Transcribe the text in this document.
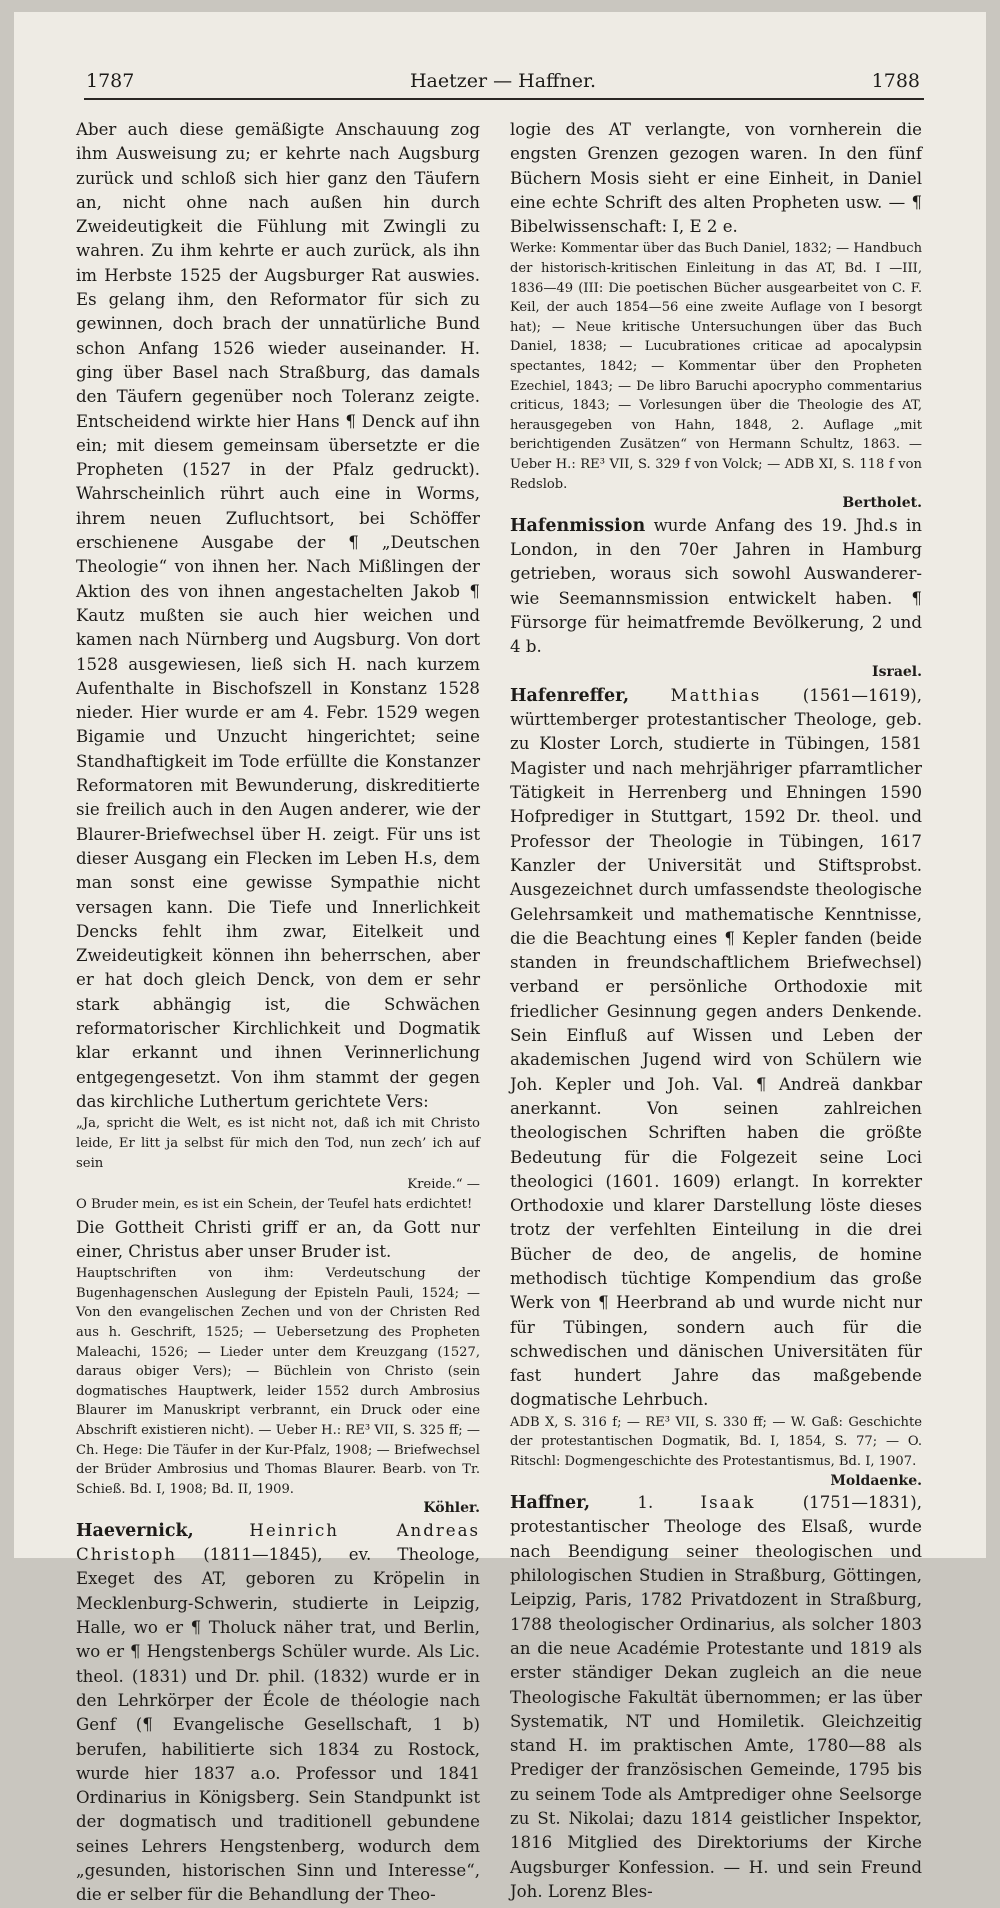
1787	Haetzer — Haffner.	1788

Aber auch diese gemäßigte Anschauung zog ihm Ausweisung zu; er kehrte nach Augsburg zurück und schloß sich hier ganz den Täufern an, nicht ohne nach außen hin durch Zweideutigkeit die Fühlung mit Zwingli zu wahren. Zu ihm kehrte er auch zurück, als ihn im Herbste 1525 der Augsburger Rat auswies. Es gelang ihm, den Reformator für sich zu gewinnen, doch brach der unnatürliche Bund schon Anfang 1526 wieder auseinander. H. ging über Basel nach Straßburg, das damals den Täufern gegenüber noch Toleranz zeigte. Entscheidend wirkte hier Hans ¶ Denck auf ihn ein; mit diesem gemeinsam übersetzte er die Propheten (1527 in der Pfalz gedruckt). Wahrscheinlich rührt auch eine in Worms, ihrem neuen Zufluchtsort, bei Schöffer erschienene Ausgabe der ¶ „Deutschen Theologie“ von ihnen her. Nach Mißlingen der Aktion des von ihnen angestachelten Jakob ¶ Kautz mußten sie auch hier weichen und kamen nach Nürnberg und Augsburg. Von dort 1528 ausgewiesen, ließ sich H. nach kurzem Aufenthalte in Bischofszell in Konstanz 1528 nieder. Hier wurde er am 4. Febr. 1529 wegen Bigamie und Unzucht hingerichtet; seine Standhaftigkeit im Tode erfüllte die Konstanzer Reformatoren mit Bewunderung, diskreditierte sie freilich auch in den Augen anderer, wie der Blaurer-Briefwechsel über H. zeigt. Für uns ist dieser Ausgang ein Flecken im Leben H.s, dem man sonst eine gewisse Sympathie nicht versagen kann. Die Tiefe und Innerlichkeit Dencks fehlt ihm zwar, Eitelkeit und Zweideutigkeit können ihn beherrschen, aber er hat doch gleich Denck, von dem er sehr stark abhängig ist, die Schwächen reformatorischer Kirchlichkeit und Dogmatik klar erkannt und ihnen Verinnerlichung entgegengesetzt. Von ihm stammt der gegen das kirchliche Luthertum gerichtete Vers:

„Ja, spricht die Welt, es ist nicht not, daß ich mit Christo leide, Er litt ja selbst für mich den Tod, nun zech’ ich auf sein

Kreide.“ —

O Bruder mein, es ist ein Schein, der Teufel hats erdichtet!

Die Gottheit Christi griff er an, da Gott nur einer, Christus aber unser Bruder ist.

Hauptschriften von ihm: Verdeutschung der Bugenhagenschen Auslegung der Episteln Pauli, 1524; — Von den evangelischen Zechen und von der Christen Red aus h. Geschrift, 1525; — Uebersetzung des Propheten Maleachi, 1526; — Lieder unter dem Kreuzgang (1527, daraus obiger Vers); — Büchlein von Christo (sein dogmatisches Hauptwerk, leider 1552 durch Ambrosius Blaurer im Manuskript verbrannt, ein Druck oder eine Abschrift existieren nicht). — Ueber H.: RE³ VII, S. 325 ff; — Ch. Hege: Die Täufer in der Kur-Pfalz, 1908; — Briefwechsel der Brüder Ambrosius und Thomas Blaurer. Bearb. von Tr. Schieß. Bd. I, 1908; Bd. II, 1909.
Köhler.

Haevernick,	Heinrich Andreas Christoph (1811—1845), ev. Theologe, Exeget des AT, geboren zu Kröpelin in Mecklenburg-Schwerin, studierte in Leipzig, Halle, wo er ¶ Tholuck näher trat, und Berlin, wo er ¶ Hengstenbergs Schüler wurde. Als Lic. theol. (1831) und Dr. phil. (1832) wurde er in den Lehrkörper der École de théologie nach Genf (¶ Evangelische Gesellschaft, 1 b) berufen, habilitierte sich 1834 zu Rostock, wurde hier 1837 a.o. Professor und 1841 Ordinarius in Königsberg. Sein Standpunkt ist der dogmatisch und traditionell gebundene seines Lehrers Hengstenberg, wodurch dem „gesunden, historischen Sinn und Interesse“, die er selber für die Behandlung der Theo-

logie des AT verlangte, von vornherein die engsten Grenzen gezogen waren. In den fünf Büchern Mosis sieht er eine Einheit, in Daniel eine echte Schrift des alten Propheten usw. — ¶ Bibelwissenschaft: I, E 2 e.

Werke: Kommentar über das Buch Daniel, 1832; — Handbuch der historisch-kritischen Einleitung in das AT, Bd. I —III, 1836—49 (III: Die poetischen Bücher ausgearbeitet von C. F. Keil, der auch 1854—56 eine zweite Auflage von I besorgt hat); — Neue kritische Untersuchungen über das Buch Daniel, 1838; — Lucubrationes criticae ad apocalypsin spectantes, 1842; — Kommentar über den Propheten Ezechiel, 1843; — De libro Baruchi apocrypho commentarius criticus, 1843; — Vorlesungen über die Theologie des AT, herausgegeben von Hahn, 1848, 2. Auflage „mit berichtigenden Zusätzen“ von Hermann Schultz, 1863. — Ueber H.: RE³ VII, S. 329 f von Volck; — ADB XI, S. 118 f von Redslob.
Bertholet.

Hafenmission wurde Anfang des 19. Jhd.s in London, in den 70er Jahren in Hamburg getrieben, woraus sich sowohl Auswanderer- wie Seemannsmission entwickelt haben. ¶ Fürsorge für heimatfremde Bevölkerung, 2 und 4 b.
Israel.

Hafenreffer, Matthias (1561—1619), württemberger protestantischer Theologe, geb. zu Kloster Lorch, studierte in Tübingen, 1581 Magister und nach mehrjähriger pfarramtlicher Tätigkeit in Herrenberg und Ehningen 1590 Hofprediger in Stuttgart, 1592 Dr. theol. und Professor der Theologie in Tübingen, 1617 Kanzler der Universität und Stiftsprobst. Ausgezeichnet durch umfassendste theologische Gelehrsamkeit und mathematische Kenntnisse, die die Beachtung eines ¶ Kepler fanden (beide standen in freundschaftlichem Briefwechsel) verband er persönliche Orthodoxie mit friedlicher Gesinnung gegen anders Denkende. Sein Einfluß auf Wissen und Leben der akademischen Jugend wird von Schülern wie Joh. Kepler und Joh. Val. ¶ Andreä dankbar anerkannt. Von seinen zahlreichen theologischen Schriften haben die größte Bedeutung für die Folgezeit seine Loci theologici (1601. 1609) erlangt. In korrekter Orthodoxie und klarer Darstellung löste dieses trotz der verfehlten Einteilung in die drei Bücher de deo, de angelis, de homine methodisch tüchtige Kompendium das große Werk von ¶ Heerbrand ab und wurde nicht nur für Tübingen, sondern auch für die schwedischen und dänischen Universitäten für fast hundert Jahre das maßgebende dogmatische Lehrbuch.

ADB X, S. 316 f; — RE³ VII, S. 330 ff; — W. Gaß: Geschichte der protestantischen Dogmatik, Bd. I, 1854, S. 77; — O. Ritschl: Dogmengeschichte des Protestantismus, Bd. I, 1907.
Moldaenke.

Haffner,	1.	Isaak	(1751—1831), protestantischer Theologe des Elsaß, wurde nach Beendigung seiner theologischen und philologischen Studien in Straßburg, Göttingen, Leipzig, Paris, 1782 Privatdozent in Straßburg, 1788 theologischer Ordinarius, als solcher 1803 an die neue Académie Protestante und 1819 als erster ständiger Dekan zugleich an die neue Theologische Fakultät übernommen; er las über Systematik, NT und Homiletik. Gleichzeitig stand H. im praktischen Amte, 1780—88 als Prediger der französischen Gemeinde, 1795 bis zu seinem Tode als Amtprediger ohne Seelsorge zu St. Nikolai; dazu 1814 geistlicher Inspektor, 1816 Mitglied des Direktoriums der Kirche Augsburger Konfession. — H. und sein Freund Joh. Lorenz Bles-
